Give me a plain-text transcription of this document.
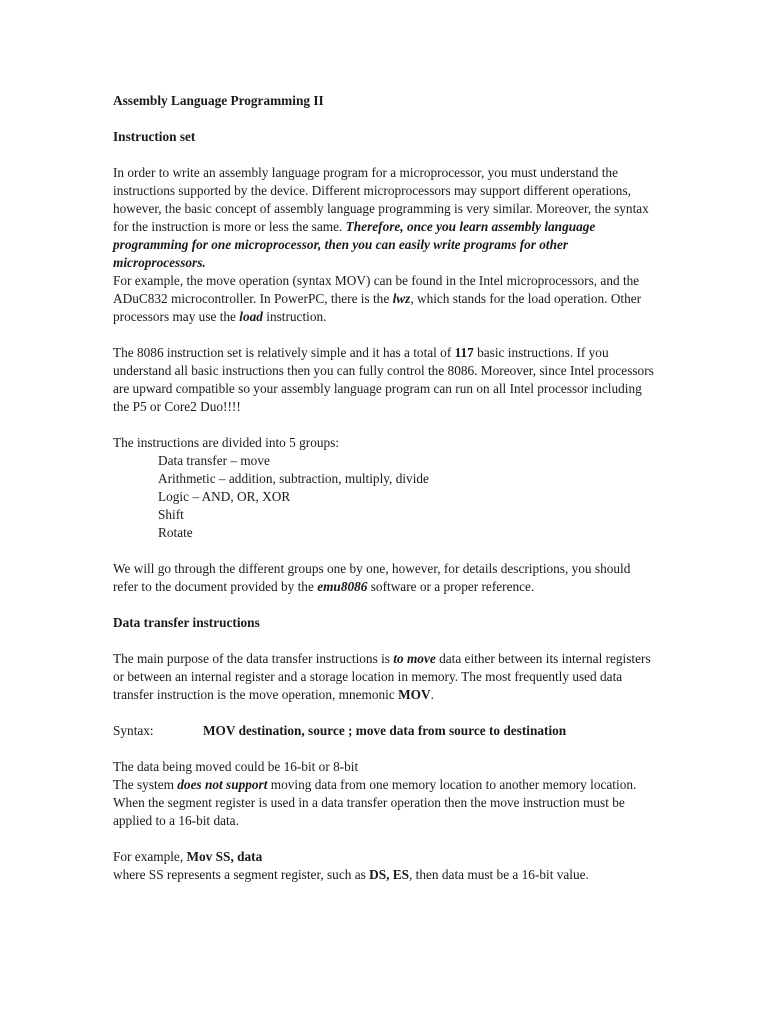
Assembly Language Programming II

Instruction set

In order to write an assembly language program for a microprocessor, you must understand the instructions supported by the device. Different microprocessors may support different operations, however, the basic concept of assembly language programming is very similar. Moreover, the syntax for the instruction is more or less the same. Therefore, once you learn assembly language programming for one microprocessor, then you can easily write programs for other microprocessors.

For example, the move operation (syntax MOV) can be found in the Intel microprocessors, and the ADuC832 microcontroller. In PowerPC, there is the lwz, which stands for the load operation. Other processors may use the load instruction.

The 8086 instruction set is relatively simple and it has a total of 117 basic instructions. If you understand all basic instructions then you can fully control the 8086. Moreover, since Intel processors are upward compatible so your assembly language program can run on all Intel processor including the P5 or Core2 Duo!!!!

The instructions are divided into 5 groups:

Data transfer – move

Arithmetic – addition, subtraction, multiply, divide

Logic – AND, OR, XOR

Shift

Rotate

We will go through the different groups one by one, however, for details descriptions, you should refer to the document provided by the emu8086 software or a proper reference.

Data transfer instructions

The main purpose of the data transfer instructions is to move data either between its internal registers or between an internal register and a storage location in memory. The most frequently used data transfer instruction is the move operation, mnemonic MOV.

Syntax:	MOV destination, source ; move data from source to destination

The data being moved could be 16-bit or 8-bit

The system does not support moving data from one memory location to another memory location. When the segment register is used in a data transfer operation then the move instruction must be applied to a 16-bit data.

For example, Mov SS, data

where SS represents a segment register, such as DS, ES, then data must be a 16-bit value.
